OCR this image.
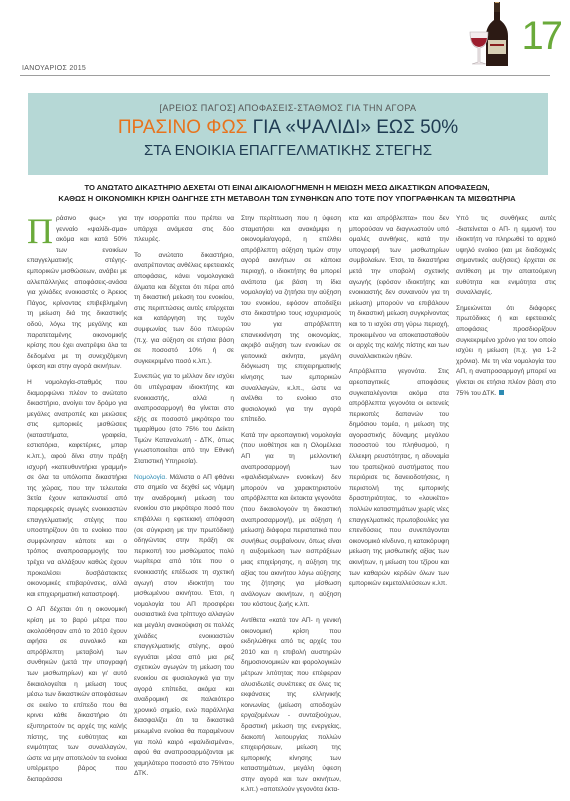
ΙΑΝΟΥΑΡΙΟΣ 2015
17
[ΑΡΕΙΟΣ ΠΑΓΟΣ] ΑΠΟΦΑΣΕΙΣ-ΣΤΑΘΜΟΣ ΓΙΑ ΤΗΝ ΑΓΟΡΑ
ΠΡΑΣΙΝΟ ΦΩΣ ΓΙΑ «ΨΑΛΙΔΙ» ΕΩΣ 50%
ΣΤΑ ΕΝΟΙΚΙΑ ΕΠΑΓΓΕΛΜΑΤΙΚΗΣ ΣΤΕΓΗΣ
ΤΟ ΑΝΩΤΑΤΟ ΔΙΚΑΣΤΗΡΙΟ ΔΕΧΕΤΑΙ ΟΤΙ ΕΙΝΑΙ ΔΙΚΑΙΟΛΟΓΗΜΕΝΗ Η ΜΕΙΩΣΗ ΜΕΣΩ ΔΙΚΑΣΤΙΚΩΝ ΑΠΟΦΑΣΕΩΝ,
ΚΑΘΩΣ Η ΟΙΚΟΝΟΜΙΚΗ ΚΡΙΣΗ ΟΔΗΓΗΣΕ ΣΤΗ ΜΕΤΑΒΟΛΗ ΤΩΝ ΣΥΝΘΗΚΩΝ ΑΠΟ ΤΟΤΕ ΠΟΥ ΥΠΟΓΡΑΦΗΚΑΝ ΤΑ ΜΙΣΘΩΤΗΡΙΑ

Πράσινο φως» για γενναίο «ψαλίδι-σμα» ακόμα και κατά 50% των ενοικίων επαγγελματικής στέγης-εμπορικών μισθώσεων, ανάβει με αλλεπάλληλες αποφάσεις-ανάσα για χιλιάδες ενοικιαστές ο Άρειος Πάγος, κρίνοντας επιβεβλημένη τη μείωση διά της δικαστικής οδού, λόγω της μεγάλης και παρατεταμένης οικονομικής κρίσης που έχει ανατρέψει όλα τα δεδομένα με τη συνεχιζόμενη ύφεση και στην αγορά ακινήτων.

Η νομολογία-σταθμός που διαμορφώνει πλέον το ανώτατο δικαστήριο, ανοίγει τον δρόμο για μεγάλες ανατροπές και μειώσεις στις εμπορικές μισθώσεις (καταστήματα, γραφεία, εστιατόρια, καφετέριες, μπαρ κ.λπ.), αφού δίνει στην πράξη ισχυρή «κατευθυντήρια γραμμή» σε όλα τα υπόλοιπα δικαστήρια της χώρας, που την τελευταία 3ετία έχουν κατακλυστεί από παρεμφερείς αγωγές ενοικιαστών επαγγελματικής στέγης που υποστηρίζουν ότι το ενοίκιο που συμφώνησαν κάποτε και ο τρόπος αναπροσαρμογής του τρέχει να αλλάξουν καθώς έχουν προκαλέσει δυσβάστακτες οικονομικές επιβαρύνσεις, αλλά και επιχειρηματική καταστροφή.

Ο ΑΠ δέχεται ότι η οικονομική κρίση με το βαρύ μέτρα που ακολούθησαν από το 2010 έχουν αφήσει σε συνολικό και απρόβλεπτη μεταβολή των συνθηκών (μετά την υπογραφή των μισθωτηρίων) και γι' αυτό δικαιολογείται η μείωση τους μέσω των δικαστικών αποφάσεων σε εκείνο το επίπεδο που θα κρινει κάθε δικαστήριο ότι εξυπηρετούν τις αρχές της καλής πίστης, της ευθύτητας και ενιμότητας των συναλλαγών, ώστε να μην αποτελούν τα ενοίκια υπέρμετρο βάρος που διαταράσσει

την ισορροπία που πρέπει να υπάρχει ανάμεσα στις δύο πλευρές.

Το ανώτατο δικαστήριο, ανατρέποντας ανθέλεις εφετειακές αποφάσεις, κάνει νομολογιακά άλματα και δέχεται ότι πέρα από τη δικαστική μείωση του ενοικίου, στις περιπτώσεις αυτές επέρχεται και κατάργηση της τυχόν συμφωνίας των δύο πλευρών (π.χ. για αύξηση σε ετήσια βάση σε ποσοστό 10% ή σε συγκεκριμένο ποσό κ.λπ.).

Συνεπώς για το μέλλον δεν ισχύει ότι υπέγραψαν ιδιοκτήτης και ενοικιαστής, αλλά η αναπροσαρμογή θα γίνεται στο εξής σε ποσοστό μικρότερο του τιμαρίθμου (στο 75% του Δείκτη Τιμών Καταναλωτή - ΔΤΚ, όπως γνωστοποιείται από την Εθνική Στατιστική Υπηρεσία).

Νομολογία. Μάλιστα ο ΑΠ φθάνει στο σημείο να δεχθεί ως νόμιμη την αναδρομική μείωση του ενοικίου στο μικρότερο ποσό που επιβάλλει η εφετειακή απόφαση (σε σύγκριση με την πρωτόδικη) οδηγώντας στην πράξη σε περικοπή του μισθώματος πολύ νωρίτερα από τότε που ο ενοικιαστής επέδωσε τη σχετική αγωγή στον ιδιοκτήτη του μισθωμένου ακινήτου. Έτσι, η νομολογία του ΑΠ προσφέρει ουσιαστικά ένα τρίπτυχο αλλαγών και μεγάλη ανακούφιση σε πολλές χιλιάδες ενοικιαστών επαγγελματικής στέγης, αφού εγγυάται μέσα από μια ρεζ σχετικών αγωγών τη μείωση του ενοικίου σε φυσιολογικά για την αγορά επίπεδα, ακόμα και αναδρομική σε παλαιότερο χρονικό σημείο, ενώ παράλληλα διασφαλίζει ότι τα δικαστικά μειωμένα ενοίκια θα παραμένουν για πολύ καιρό «ψαλιδισμένα», αφού θα αναπροσαρμόζονται με χαμηλότερο ποσοστό στο 75%του ΔΤΚ.

Στην περίπτωση που η ύφεση σταματήσει και ανακάμψει η οικονομία/αγορά, η επέλθει απρόβλεπτη αύξηση τιμών στην αγορά ακινήτων σε κάποια περιοχή, ο ιδιοκτήτης θα μπορεί ανάποτα (με βάση τη ίδια νομολογία) να ζητήσει την αύξηση του ενοικίου, εφόσον αποδείξει στο δικαστήριο τους ισχυρισμούς του για απρόβλεπτη επανεκκίνηση της οικονομίας, ακριβό αυξηση των ενοικίων σε γειτονικά ακίνητα, μεγάλη διόγκωση της επιχειρηματικής κίνησης των εμπορικών συναλλαγών, κ.λπ., ώστε να ανέλθει το ενοίκιο στο φυσιολογικό για την αγορά επίπεδο.

Κατά την αρεοπαγιτική νομολογία (που υιοθέτησε και η Ολομέλεια ΑΠ για τη μελλοντική αναπροσαρμογή των «ψαλιδισμένων» ενοικίων) δεν μπορούν να χαρακτηριστούν απρόβλεπτα και έκτακτα γεγονότα (που δικαιολογούν τη δικαστική αναπροσαρμογή), με αύξηση ή μείωση) διάφορα περιστατικά που συνήθως συμβαίνουν, όπως είναι η αυξομείωση των εισπράξεων μιας επιχείρησης, η αύξηση της αξίας του ακινήτου λόγω αύξησης της ζήτησης για μίσθωση ανάλογων ακινήτων, η αύξηση του κόστους ζωής κ.λπ.

Αντίθετα «κατά τον ΑΠ- η γενική οικονομική κρίση που εκδηλώθηκε από τις αρχές του 2010 και η επιβολή αυστηρών δημοσιονομικών και φορολογικών μέτρων λιτότητας που επέφεραν αλυσιδωτές συνέπειες σε όλες τις εκφάνσεις της ελληνικής κοινωνίας (μείωση αποδοχών εργαζομένων - συνταξιούχων, δραστική μείωση της ενεργείας, διακοπή λειτουργίας πολλών επιχειρήσεων, μείωση της εμπορικής κίνησης των καταστημάτων, μεγάλη ύφεση στην αγορά και των ακινήτων, κ.λπ.) «αποτελούν γεγονότα έκτα-

κτα και απρόβλεπτα» που δεν μπορούσαν να διαγνωστούν υπό ομαλές συνθήκες, κατά την υπογραφή των μισθωτηρίων συμβολαίων. Έτσι, τα δικαστήρια μετά την υποβολή σχετικής αγωγής (εφόσον ιδιοκτήτης και ενοικιαστής δεν συναινούν για τη μείωση) μπορούν να επιβάλουν τη δικαστική μείωση συγκρίνοντας και το τι ισχύει στη γύρω περιοχή, προκειμένου να αποκατασταθούν οι αρχές της καλής πίστης και των συναλλακτικών ηθών.

Απρόβλεπτα γεγονότα. Στις αρεοπαγιτικές αποφάσεις συγκαταλέγονται ακόμα στα απρόβλεπτα γεγονότα οι εκτενείς περικοπές δαπανών του δημόσιου τομέα, η μείωση της αγοραστικής δύναμης μεγάλου ποσοστού του πληθυσμού, η έλλειψη ρευστότητας, η αδυναμία του τραπεζικού συστήματος που περιόρισε τις δανειοδοτήσεις, η περιστολή της εμπορικής δραστηριότητας, το «λουκέτο» πολλών καταστημάτων χωρίς νέες επαγγελματικές πρωτοβουλίες για επενδύσεις που συνεπάγονται οικονομικό κίνδυνο, η κατακόρυφη μείωση της μισθωτικής αξίας των ακινήτων, η μείωση του τζίρου και των καθαρών κερδών όλων των εμπορικών εκμεταλλεύσεων κ.λπ.

Υπό τις συνθήκες αυτές -διατείνεται ο ΑΠ- η εμμονή του ιδιοκτήτη να πληρωθεί το αρχικό υψηλό ενοίκιο (και με διαδοχικές σημαντικές αυξήσεις) έρχεται σε αντίθεση με την απαιτούμενη ευθύτητα και ενιμότητα στις συναλλαγές.

Σημειώνεται ότι διάφορες πρωτόδικες ή και εφετειακές αποφάσεις προσδιορίζουν συγκεκριμένο χρόνο για τον οποίο ισχύει η μείωση (π.χ. για 1-2 χρόνια). Με τη νέα νομολογία του ΑΠ, η αναπροσαρμογή μπορεί να γίνεται σε ετήσια πλέον βάση στο 75% του ΔΤΚ.
